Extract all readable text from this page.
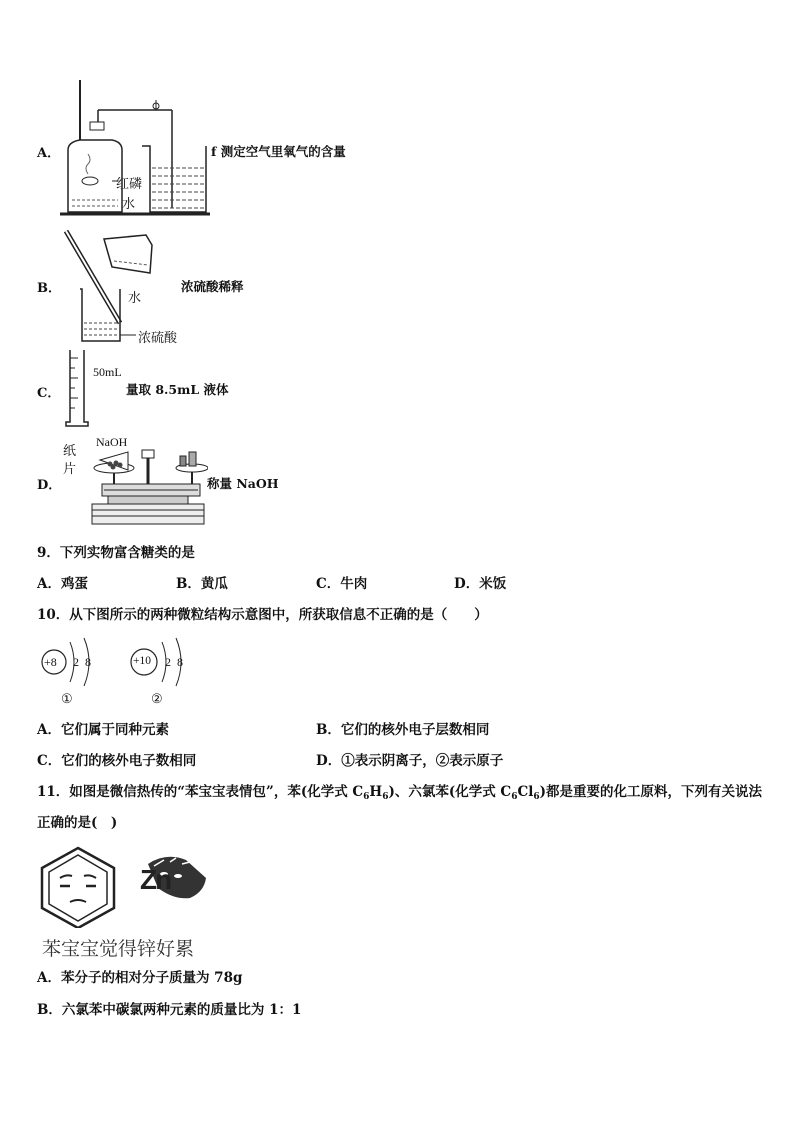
A．
红磷
水
f 测定空气里氧气的含量
B．
水
浓硫酸
浓硫酸稀释
C．
50mL
量取 8.5mL 液体
D．
纸
片
NaOH
称量 NaOH
9．下列实物富含糖类的是
A．鸡蛋	B．黄瓜	C．牛肉	D．米饭
10．从下图所示的两种微粒结构示意图中，所获取信息不正确的是（　　）
+8 2  8
①
+10 2  8
②
A．它们属于同种元素	B．它们的核外电子层数相同
C．它们的核外电子数相同	D．①表示阴离子，②表示原子
11．如图是微信热传的“苯宝宝表情包”，苯(化学式 $C_6H_6$)、六氯苯(化学式 $C_6Cl_6$)都是重要的化工原料，下列有关说法
正确的是(　)
Zn
苯宝宝觉得锌好累
A．苯分子的相对分子质量为 78g
B．六氯苯中碳氯两种元素的质量比为 1：1
